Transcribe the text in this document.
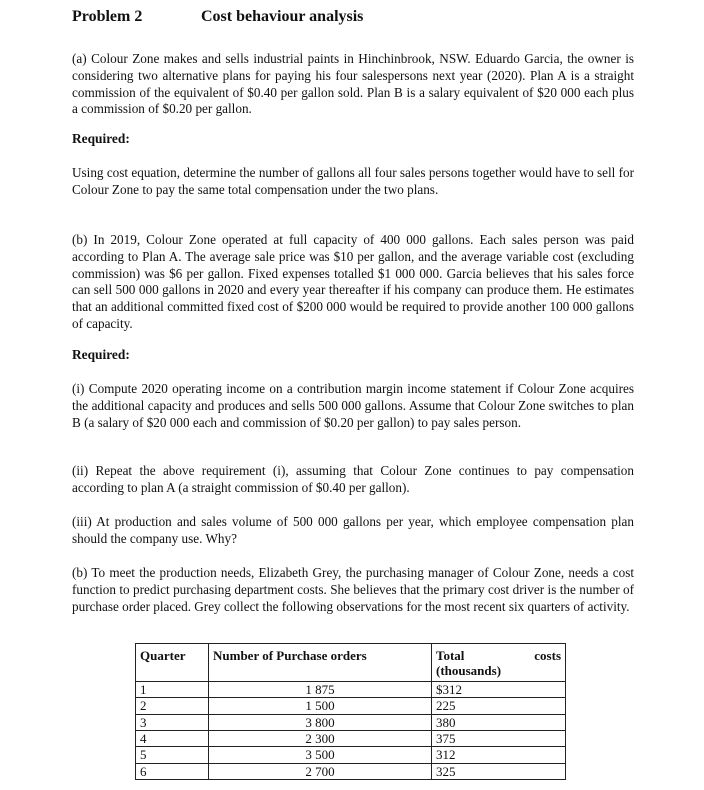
Problem 2	Cost behaviour analysis

(a) Colour Zone makes and sells industrial paints in Hinchinbrook, NSW. Eduardo Garcia, the owner is considering two alternative plans for paying his four salespersons next year (2020). Plan A is a straight commission of the equivalent of $0.40 per gallon sold. Plan B is a salary equivalent of $20 000 each plus a commission of $0.20 per gallon.

Required:

Using cost equation, determine the number of gallons all four sales persons together would have to sell for Colour Zone to pay the same total compensation under the two plans.

(b) In 2019, Colour Zone operated at full capacity of 400 000 gallons. Each sales person was paid according to Plan A. The average sale price was $10 per gallon, and the average variable cost (excluding commission) was $6 per gallon. Fixed expenses totalled $1 000 000. Garcia believes that his sales force can sell 500 000 gallons in 2020 and every year thereafter if his company can produce them. He estimates that an additional committed fixed cost of $200 000 would be required to provide another 100 000 gallons of capacity.

Required:

(i) Compute 2020 operating income on a contribution margin income statement if Colour Zone acquires the additional capacity and produces and sells 500 000 gallons. Assume that Colour Zone switches to plan B (a salary of $20 000 each and commission of $0.20 per gallon) to pay sales person.

(ii) Repeat the above requirement (i), assuming that Colour Zone continues to pay compensation according to plan A (a straight commission of $0.40 per gallon).

(iii) At production and sales volume of 500 000 gallons per year, which employee compensation plan should the company use. Why?

(b) To meet the production needs, Elizabeth Grey, the purchasing manager of Colour Zone, needs a cost function to predict purchasing department costs. She believes that the primary cost driver is the number of purchase order placed. Grey collect the following observations for the most recent six quarters of activity.

Quarter	Number of Purchase orders	Total costs
(thousands)

1	1 875	$312
2	1 500	225
3	3 800	380
4	2 300	375
5	3 500	312
6	2 700	325
